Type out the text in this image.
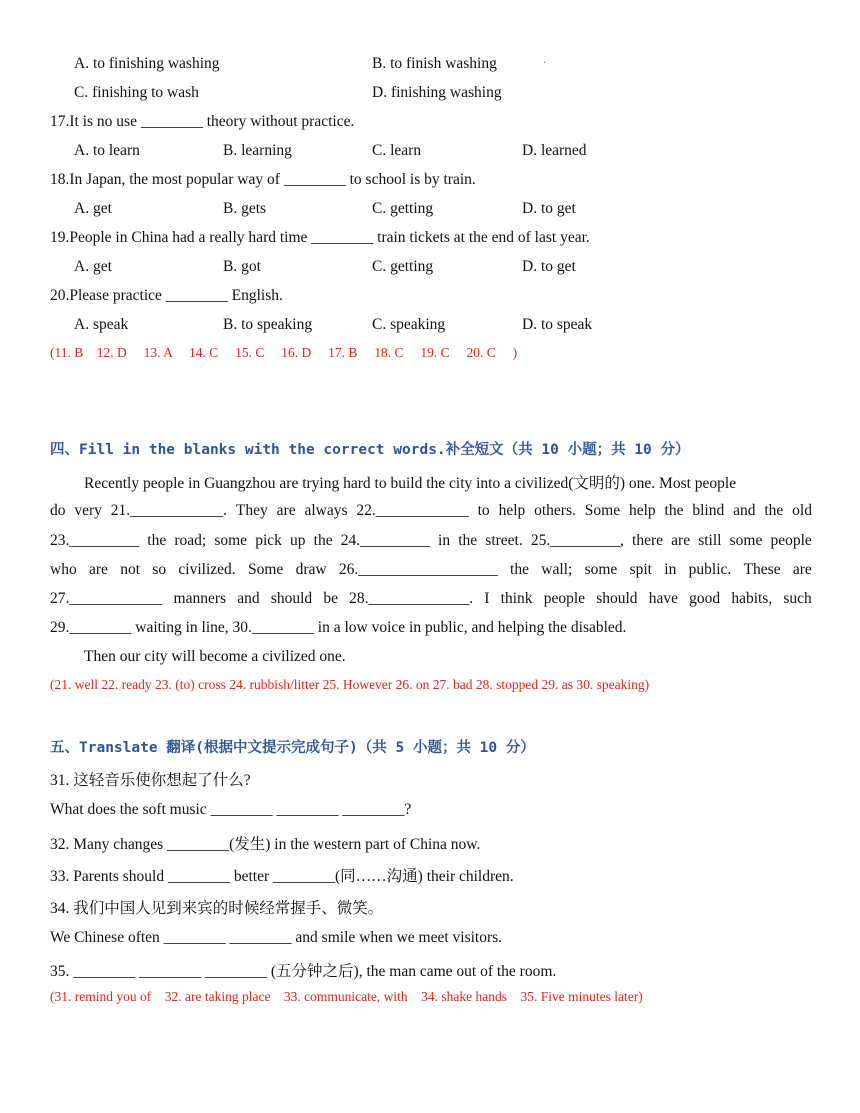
A. to finishing washing	B. to finish washing	·
C. finishing to wash	D. finishing washing
17.It is no use ________ theory without practice.
A. to learn	B. learning	C. learn	D. learned
18.In Japan, the most popular way of ________ to school is by train.
A. get	B. gets	C. getting	D. to get
19.People in China had a really hard time ________ train tickets at the end of last year.
A. get	B. got	C. getting	D. to get
20.Please practice ________ English.
A. speak	B. to speaking	C. speaking	D. to speak
(11. B    12. D     13. A     14. C     15. C     16. D     17. B     18. C     19. C     20. C     )
四、Fill in the blanks with the correct words.补全短文（共 10 小题；共 10 分）
Recently people in Guangzhou are trying hard to build the city into a civilized(文明的) one. Most people
do very 21.____________. They are always 22.____________ to help others. Some help the blind and the old
23._________ the road; some pick up the 24._________ in the street. 25._________, there are still some people
who are not so civilized. Some draw 26.__________________ the wall; some spit in public. These are
27.____________ manners and should be 28._____________. I think people should have good habits, such
29.________ waiting in line, 30.________ in a low voice in public, and helping the disabled.
Then our city will become a civilized one.
(21. well 22. ready 23. (to) cross 24. rubbish/litter 25. However 26. on 27. bad 28. stopped 29. as 30. speaking)
五、Translate 翻译(根据中文提示完成句子)（共 5 小题；共 10 分）
31. 这轻音乐使你想起了什么?
What does the soft music ________ ________ ________?
32. Many changes ________(发生) in the western part of China now.
33. Parents should ________ better ________(同……沟通) their children.
34. 我们中国人见到来宾的时候经常握手、微笑。
We Chinese often ________ ________ and smile when we meet visitors.
35. ________ ________ ________ (五分钟之后), the man came out of the room.
(31. remind you of    32. are taking place    33. communicate, with    34. shake hands    35. Five minutes later)
